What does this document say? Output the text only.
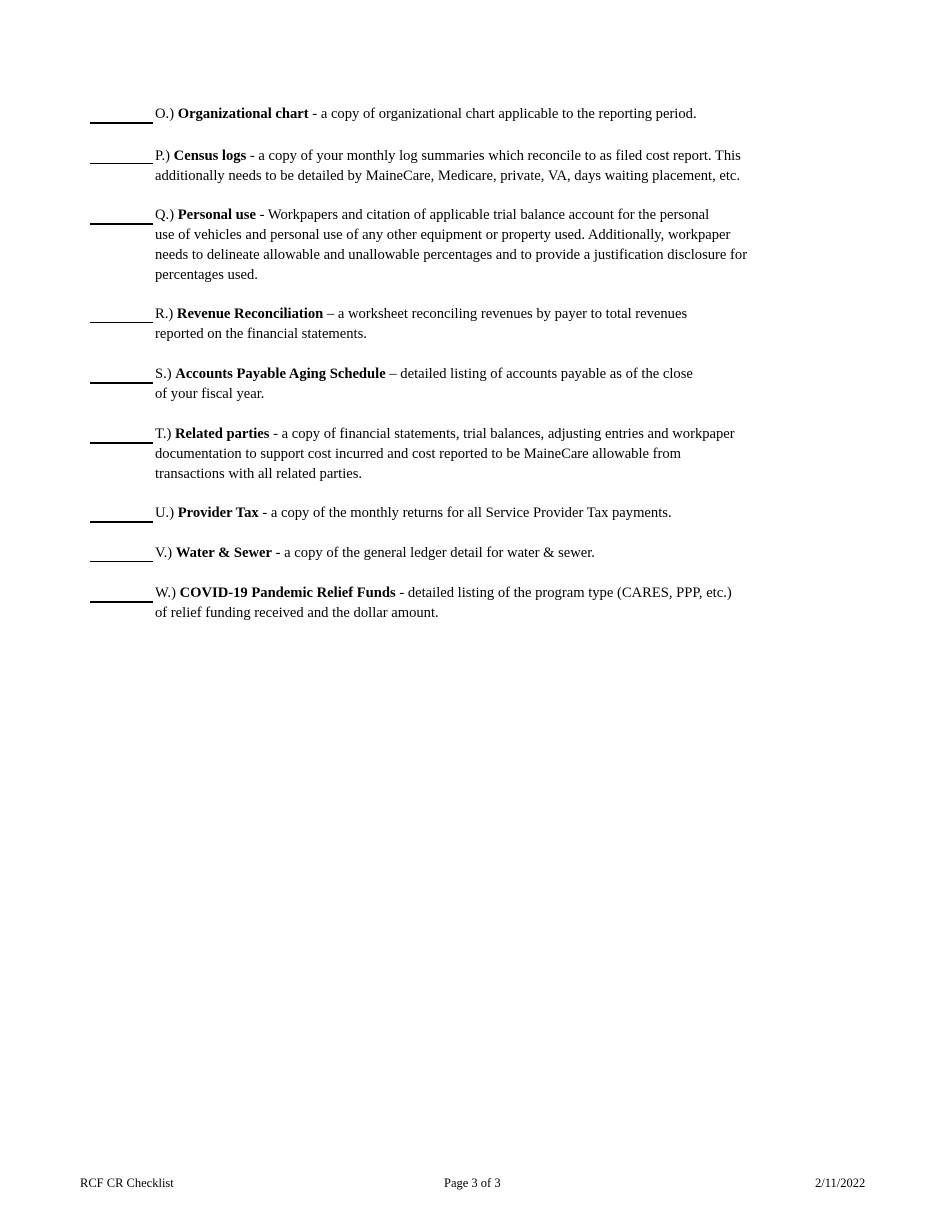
O.) Organizational chart - a copy of organizational chart applicable to the reporting period.
P.) Census logs - a copy of your monthly log summaries which reconcile to as filed cost report. This
additionally needs to be detailed by MaineCare, Medicare, private, VA, days waiting placement, etc.
Q.) Personal use - Workpapers and citation of applicable trial balance account for the personal
use of vehicles and personal use of any other equipment or property used. Additionally, workpaper
needs to delineate allowable and unallowable percentages and to provide a justification disclosure for
percentages used.
R.) Revenue Reconciliation – a worksheet reconciling revenues by payer to total revenues
reported on the financial statements.
S.) Accounts Payable Aging Schedule – detailed listing of accounts payable as of the close
of your fiscal year.
T.) Related parties - a copy of financial statements, trial balances, adjusting entries and workpaper
documentation to support cost incurred and cost reported to be MaineCare allowable from
transactions with all related parties.
U.) Provider Tax - a copy of the monthly returns for all Service Provider Tax payments.
V.) Water & Sewer - a copy of the general ledger detail for water & sewer.
W.) COVID-19 Pandemic Relief Funds - detailed listing of the program type (CARES, PPP, etc.)
of relief funding received and the dollar amount.
RCF CR Checklist	Page 3 of 3	2/11/2022
